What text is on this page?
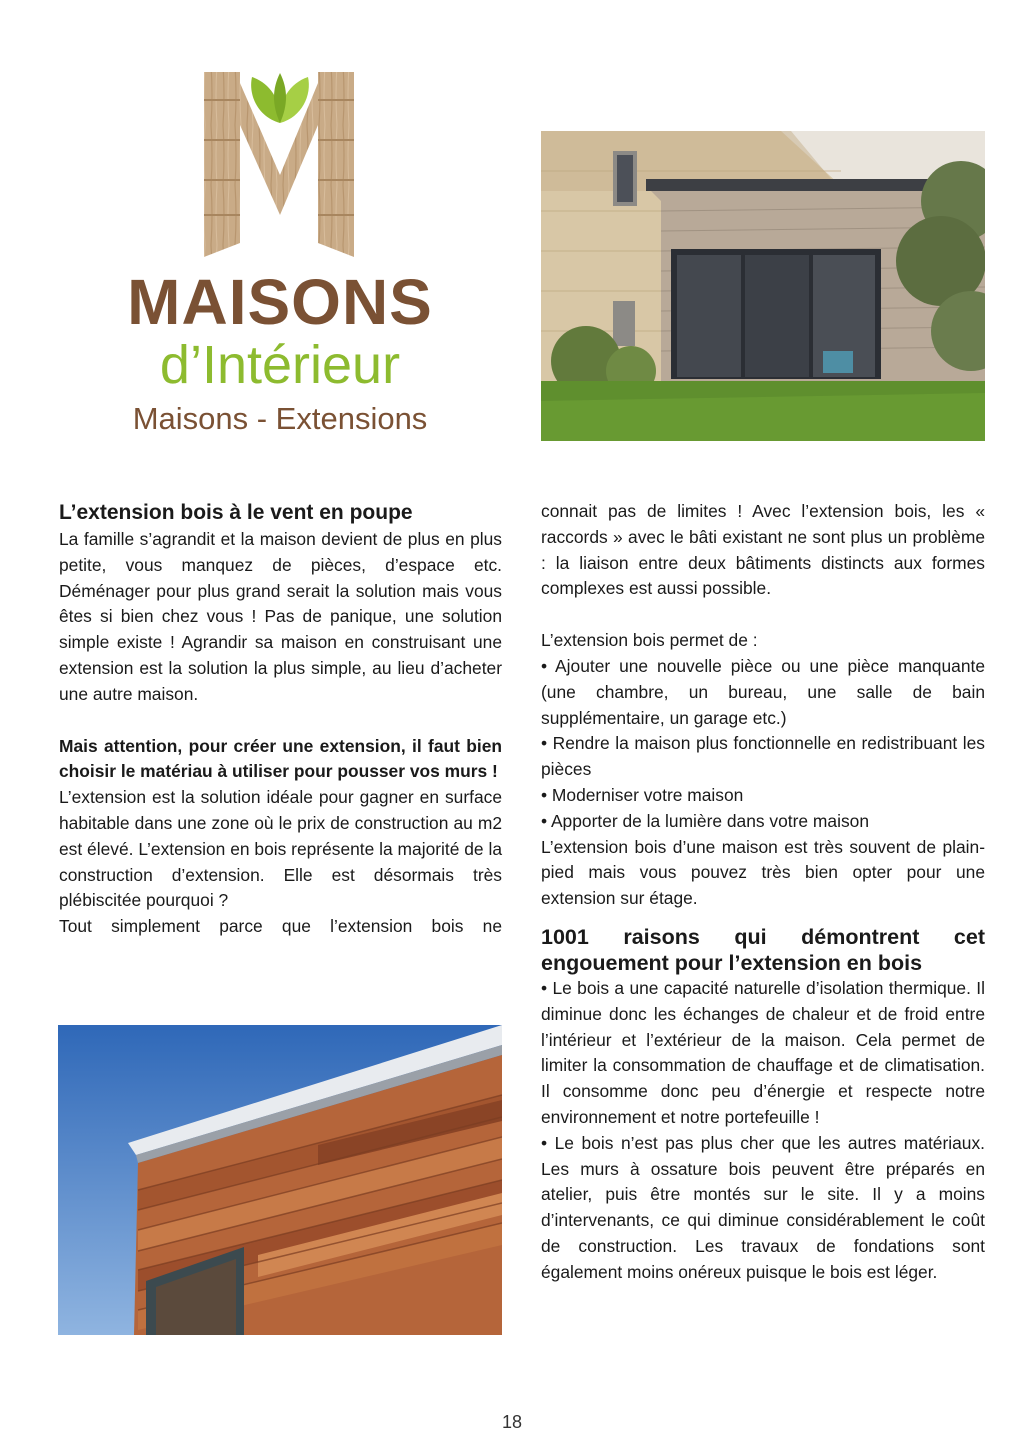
MAISONS
d’Intérieur
Maisons - Extensions
L’extension bois à le vent en poupe

La famille s’agrandit et la maison devient de plus en plus petite, vous manquez de pièces, d’espace etc. Déménager pour plus grand serait la solution mais vous êtes si bien chez vous ! Pas de panique, une solution simple existe ! Agrandir sa maison en construisant une extension est la solution la plus simple, au lieu d’acheter une autre maison.

Mais attention, pour créer une extension, il faut bien choisir le matériau à utiliser pour pousser vos murs !

L’extension est la solution idéale pour gagner en surface habitable dans une zone où le prix de construction au m2 est élevé. L’extension en bois représente la majorité de la construction d’extension. Elle est désormais très plébiscitée pourquoi ?

Tout simplement parce que l’extension bois ne

connait pas de limites ! Avec l’extension bois, les « raccords » avec le bâti existant ne sont plus un problème : la liaison entre deux bâtiments distincts aux formes complexes est aussi possible.

L’extension bois permet de :

• Ajouter une nouvelle pièce ou une pièce manquante (une chambre, un bureau, une salle de bain supplémentaire, un garage etc.)

• Rendre la maison plus fonctionnelle en redistribuant les pièces

• Moderniser votre maison

• Apporter de la lumière dans votre maison

L’extension bois d’une maison est très souvent de plain-pied mais vous pouvez très bien opter pour une extension sur étage.

1001 raisons qui démontrent cet
engouement pour l’extension en bois

• Le bois a une capacité naturelle d’isolation thermique. Il diminue donc les échanges de chaleur et de froid entre l’intérieur et l’extérieur de la maison. Cela permet de limiter la consommation de chauffage et de climatisation. Il consomme donc peu d’énergie et respecte notre environnement et notre portefeuille !

• Le bois n’est pas plus cher que les autres matériaux. Les murs à ossature bois peuvent être préparés en atelier, puis être montés sur le site. Il y a moins d’intervenants, ce qui diminue considérablement le coût de construction. Les travaux de fondations sont également moins onéreux puisque le bois est léger.

18
